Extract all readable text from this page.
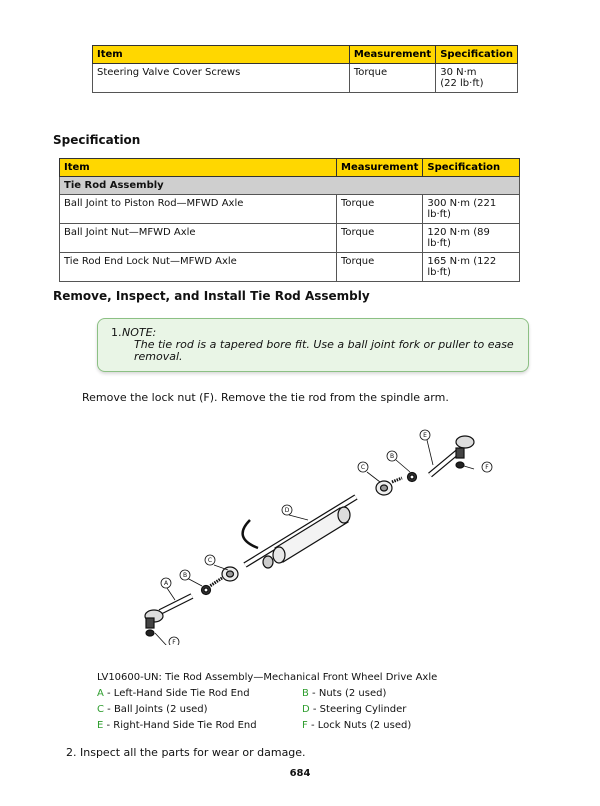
Item	Measurement	Specification
Steering Valve Cover Screws	Torque	30 N·m
(22 lb·ft)
Specification
Item	Measurement	Specification
Tie Rod Assembly		
Ball Joint to Piston Rod—MFWD Axle	Torque	300 N·m (221 lb·ft)
Ball Joint Nut—MFWD Axle	Torque	120 N·m (89 lb·ft)
Tie Rod End Lock Nut—MFWD Axle	Torque	165 N·m (122 lb·ft)
Remove, Inspect, and Install Tie Rod Assembly
1. NOTE:
The tie rod is a tapered bore fit. Use a ball joint fork or puller to ease removal.
Remove the lock nut (F). Remove the tie rod from the spindle arm.
E
B
C
D
F
C
B
A
F
LV10600-UN: Tie Rod Assembly—Mechanical Front Wheel Drive Axle
A - Left-Hand Side Tie Rod End	B - Nuts (2 used)
C - Ball Joints (2 used)	D - Steering Cylinder
E - Right-Hand Side Tie Rod End	F - Lock Nuts (2 used)
2. Inspect all the parts for wear or damage.
684
